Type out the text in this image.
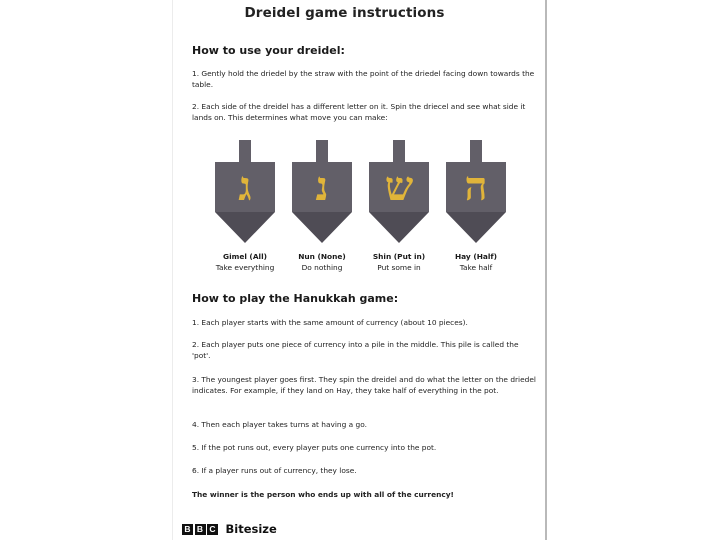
Dreidel game instructions
How to use your dreidel:
1. Gently hold the driedel by the straw with the point of the driedel facing down towards the table.
2. Each side of the dreidel has a different letter on it. Spin the driecel and see what side it lands on. This determines what move you can make:
ג נ ש ה
Gimel (All)
Take everything
Nun (None)
Do nothing
Shin (Put in)
Put some in
Hay (Half)
Take half
How to play the Hanukkah game:
1. Each player starts with the same amount of currency (about 10 pieces).
2. Each player puts one piece of currency into a pile in the middle. This pile is called the 'pot'.
3. The youngest player goes first. They spin the dreidel and do what the letter on the driedel indicates. For example, if they land on Hay, they take half of everything in the pot.
4. Then each player takes turns at having a go.
5. If the pot runs out, every player puts one currency into the pot.
6. If a player runs out of currency, they lose.
The winner is the person who ends up with all of the currency!
B B C Bitesize
